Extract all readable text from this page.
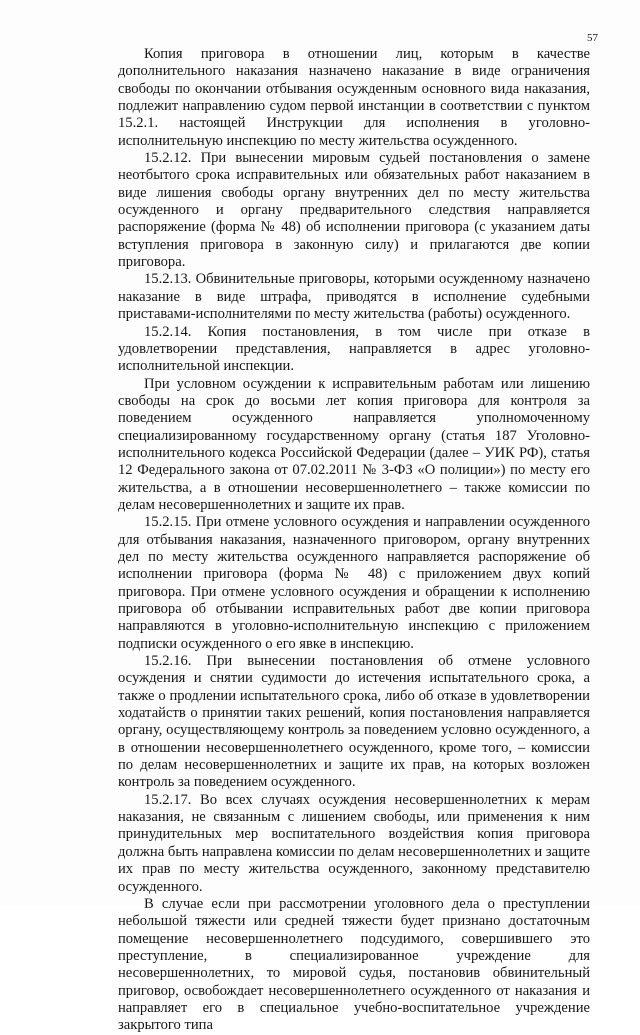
57

Копия приговора в отношении лиц, которым в качестве дополнительного наказания назначено наказание в виде ограничения свободы по окончании отбывания осужденным основного вида наказания, подлежит направлению судом первой инстанции в соответствии с пунктом 15.2.1. настоящей Инструкции для исполнения в уголовно-исполнительную инспекцию по месту жительства осужденного.

15.2.12. При вынесении мировым судьей постановления о замене неотбытого срока исправительных или обязательных работ наказанием в виде лишения свободы органу внутренних дел по месту жительства осужденного и органу предварительного следствия направляется распоряжение (форма № 48) об исполнении приговора (с указанием даты вступления приговора в законную силу) и прилагаются две копии приговора.

15.2.13. Обвинительные приговоры, которыми осужденному назначено наказание в виде штрафа, приводятся в исполнение судебными приставами-исполнителями по месту жительства (работы) осужденного.

15.2.14. Копия постановления, в том числе при отказе в удовлетворении представления, направляется в адрес уголовно-исполнительной инспекции.

При условном осуждении к исправительным работам или лишению свободы на срок до восьми лет копия приговора для контроля за поведением осужденного направляется уполномоченному специализированному государственному органу (статья 187 Уголовно-исполнительного кодекса Российской Федерации (далее – УИК РФ), статья 12 Федерального закона от 07.02.2011 № 3-ФЗ «О полиции») по месту его жительства, а в отношении несовершеннолетнего – также комиссии по делам несовершеннолетних и защите их прав.

15.2.15. При отмене условного осуждения и направлении осужденного для отбывания наказания, назначенного приговором, органу внутренних дел по месту жительства осужденного направляется распоряжение об исполнении приговора (форма № 48) с приложением двух копий приговора. При отмене условного осуждения и обращении к исполнению приговора об отбывании исправительных работ две копии приговора направляются в уголовно-исполнительную инспекцию с приложением подписки осужденного о его явке в инспекцию.

15.2.16. При вынесении постановления об отмене условного осуждения и снятии судимости до истечения испытательного срока, а также о продлении испытательного срока, либо об отказе в удовлетворении ходатайств о принятии таких решений, копия постановления направляется органу, осуществляющему контроль за поведением условно осужденного, а в отношении несовершеннолетнего осужденного, кроме того, – комиссии по делам несовершеннолетних и защите их прав, на которых возложен контроль за поведением осужденного.

15.2.17. Во всех случаях осуждения несовершеннолетних к мерам наказания, не связанным с лишением свободы, или применения к ним принудительных мер воспитательного воздействия копия приговора должна быть направлена комиссии по делам несовершеннолетних и защите их прав по месту жительства осужденного, законному представителю осужденного.

В случае если при рассмотрении уголовного дела о преступлении небольшой тяжести или средней тяжести будет признано достаточным помещение несовершеннолетнего подсудимого, совершившего это преступление, в специализированное учреждение для несовершеннолетних, то мировой судья, постановив обвинительный приговор, освобождает несовершеннолетнего осужденного от наказания и направляет его в специальное учебно-воспитательное учреждение закрытого типа
